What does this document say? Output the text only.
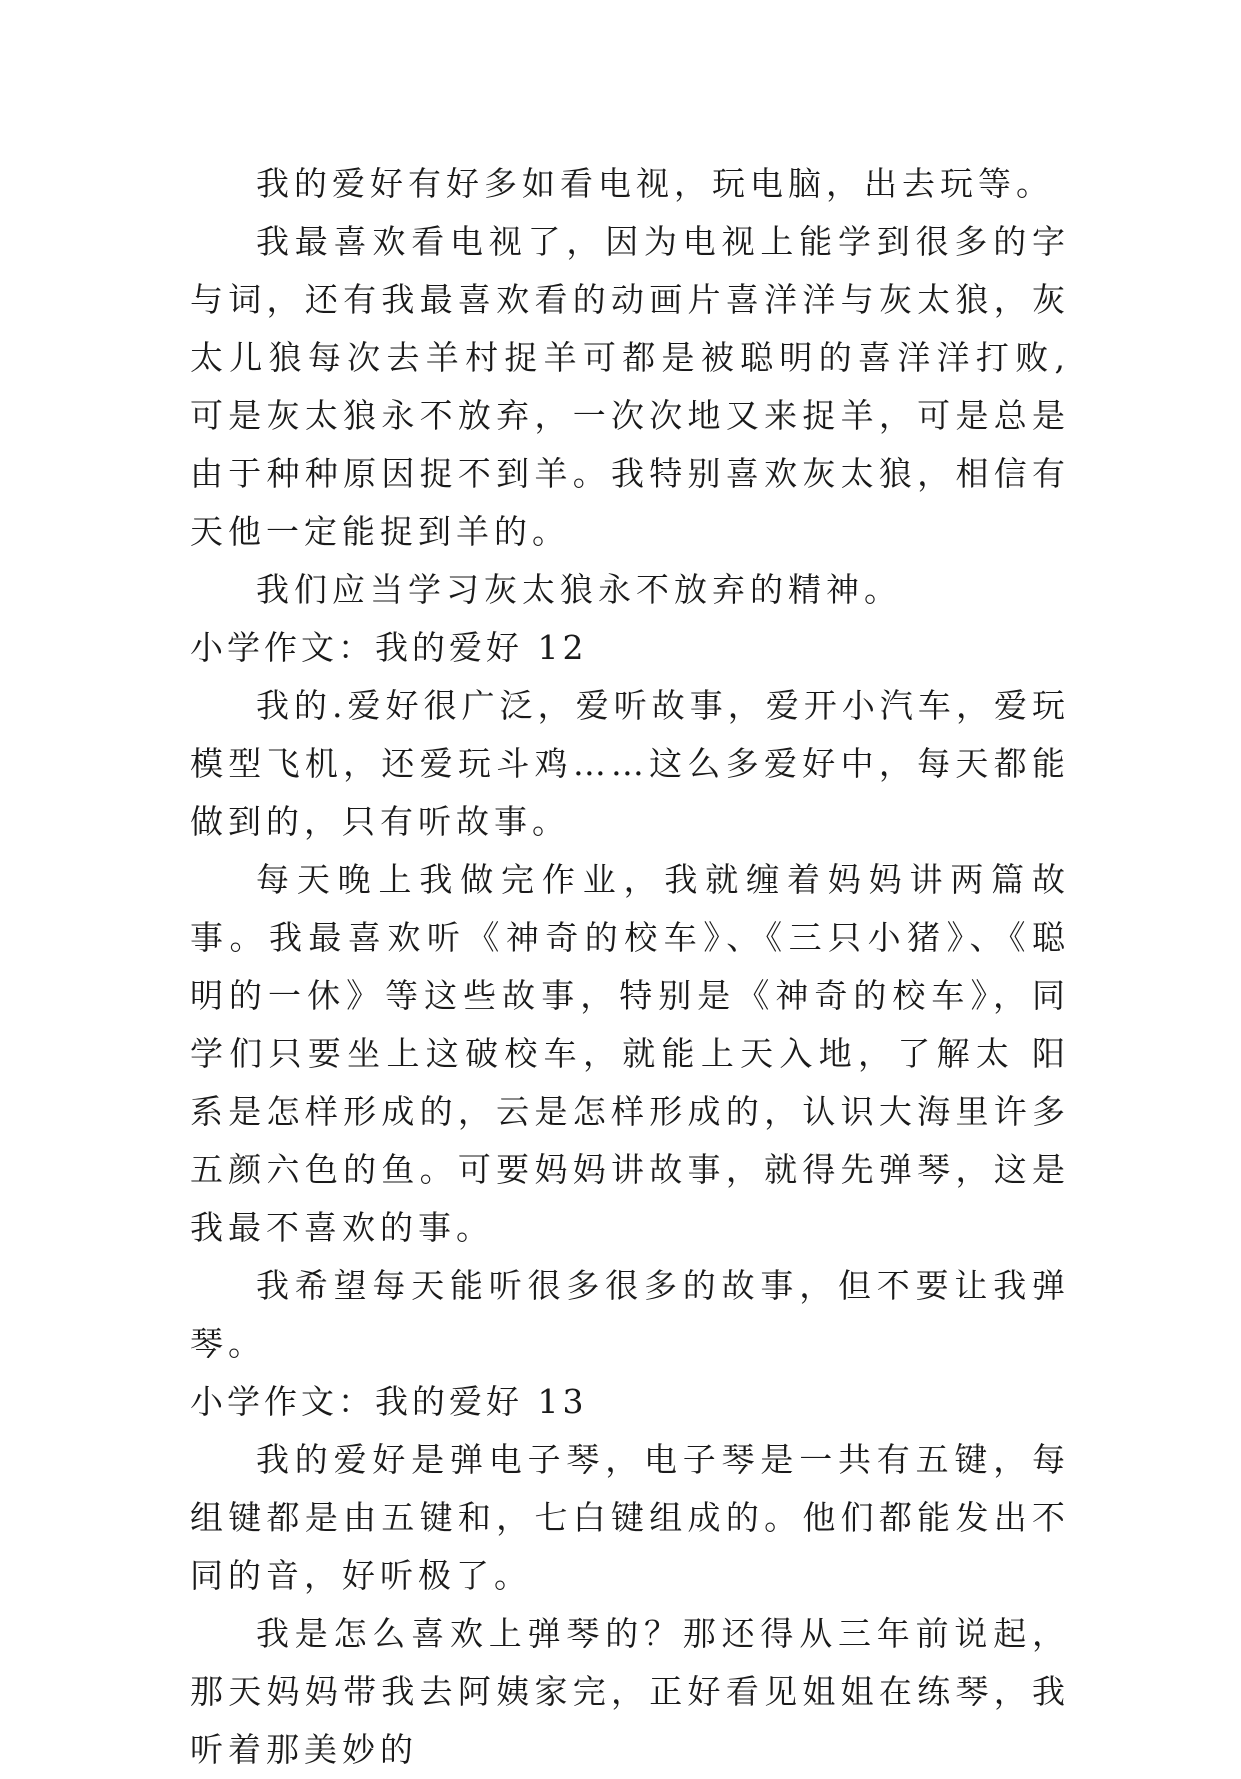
我的爱好有好多如看电视，玩电脑，出去玩等。

我最喜欢看电视了，因为电视上能学到很多的字与词，还有我最喜欢看的动画片喜洋洋与灰太狼，灰太儿狼每次去羊村捉羊可都是被聪明的喜洋洋打败,可是灰太狼永不放弃，一次次地又来捉羊，可是总是由于种种原因捉不到羊。我特别喜欢灰太狼，相信有天他一定能捉到羊的。

我们应当学习灰太狼永不放弃的精神。

小学作文：我的爱好 12

我的.爱好很广泛，爱听故事，爱开小汽车，爱玩模型飞机，还爱玩斗鸡……这么多爱好中，每天都能做到的，只有听故事。

每天晚上我做完作业，我就缠着妈妈讲两篇故事。我最喜欢听《神奇的校车》、《三只小猪》、《聪明的一休》等这些故事，特别是《神奇的校车》，同学们只要坐上这破校车，就能上天入地，了解太 阳系是怎样形成的，云是怎样形成的，认识大海里许多五颜六色的鱼。可要妈妈讲故事，就得先弹琴，这是我最不喜欢的事。

我希望每天能听很多很多的故事，但不要让我弹琴。

小学作文：我的爱好 13

我的爱好是弹电子琴，电子琴是一共有五键，每组键都是由五键和，七白键组成的。他们都能发出不同的音，好听极了。

我是怎么喜欢上弹琴的？那还得从三年前说起，那天妈妈带我去阿姨家完，正好看见姐姐在练琴，我听着那美妙的
